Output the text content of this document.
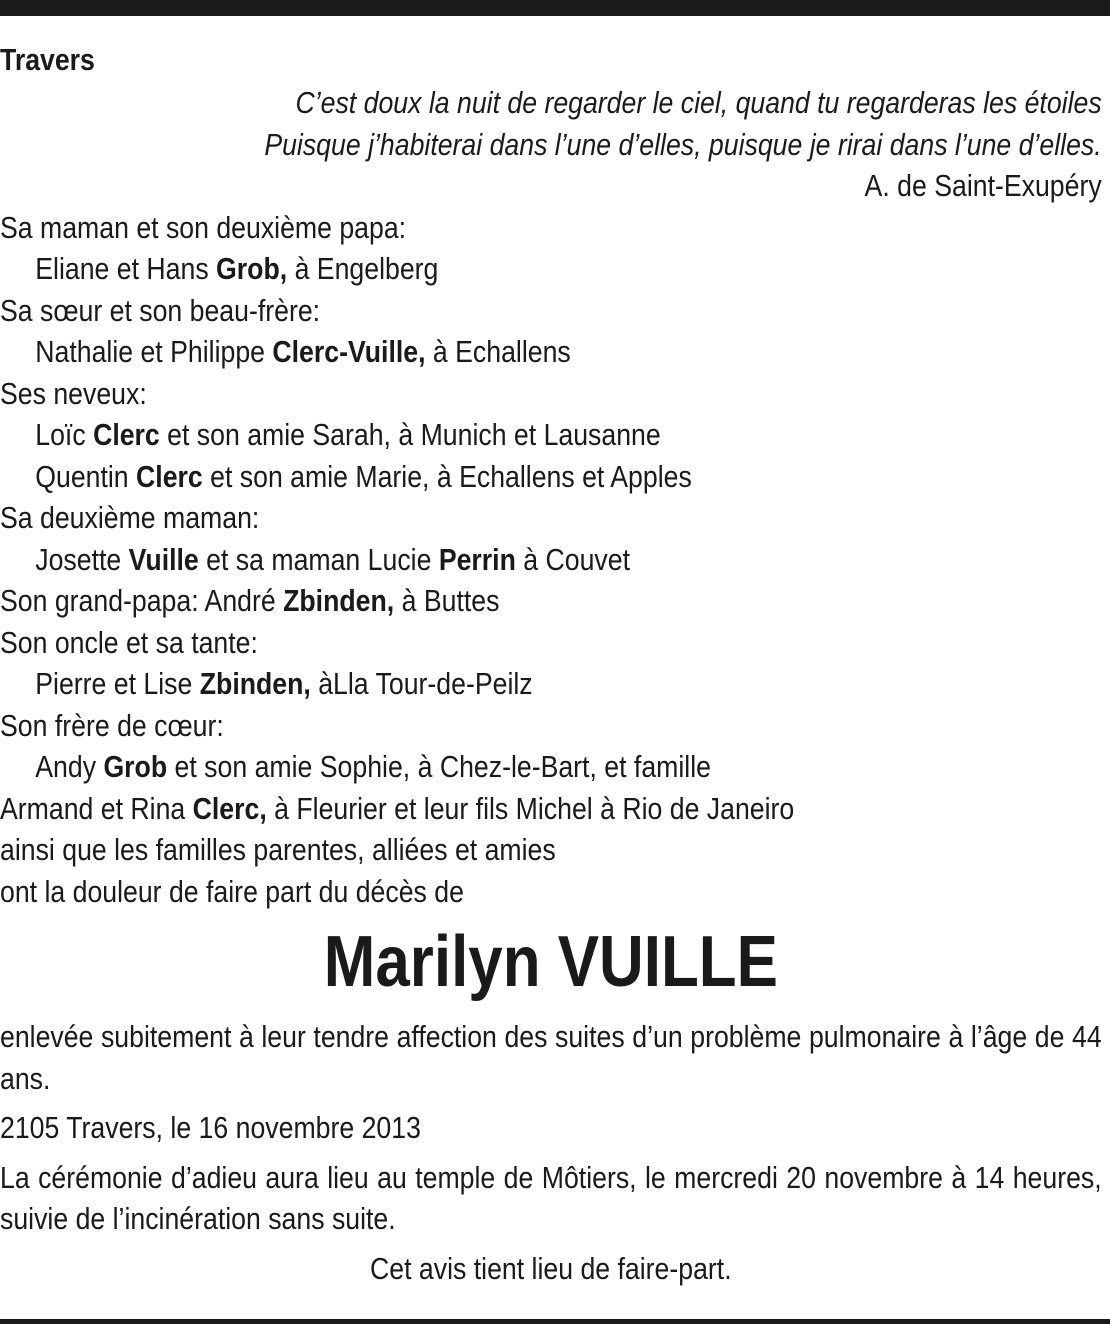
Travers
C’est doux la nuit de regarder le ciel, quand tu regarderas les étoiles
Puisque j’habiterai dans l’une d’elles, puisque je rirai dans l’une d’elles.
A. de Saint-Exupéry
Sa maman et son deuxième papa:
Eliane et Hans Grob, à Engelberg
Sa sœur et son beau-frère:
Nathalie et Philippe Clerc-Vuille, à Echallens
Ses neveux:
Loïc Clerc et son amie Sarah, à Munich et Lausanne
Quentin Clerc et son amie Marie, à Echallens et Apples
Sa deuxième maman:
Josette Vuille et sa maman Lucie Perrin à Couvet
Son grand-papa: André Zbinden, à Buttes
Son oncle et sa tante:
Pierre et Lise Zbinden, àLla Tour-de-Peilz
Son frère de cœur:
Andy Grob et son amie Sophie, à Chez-le-Bart, et famille
Armand et Rina Clerc, à Fleurier et leur fils Michel à Rio de Janeiro
ainsi que les familles parentes, alliées et amies
ont la douleur de faire part du décès de
Marilyn VUILLE
enlevée subitement à leur tendre affection des suites d’un problème pulmonaire à l’âge de 44 ans.
2105 Travers, le 16 novembre 2013
La cérémonie d’adieu aura lieu au temple de Môtiers, le mercredi 20 novembre à 14 heures, suivie de l’incinération sans suite.
Cet avis tient lieu de faire-part.
